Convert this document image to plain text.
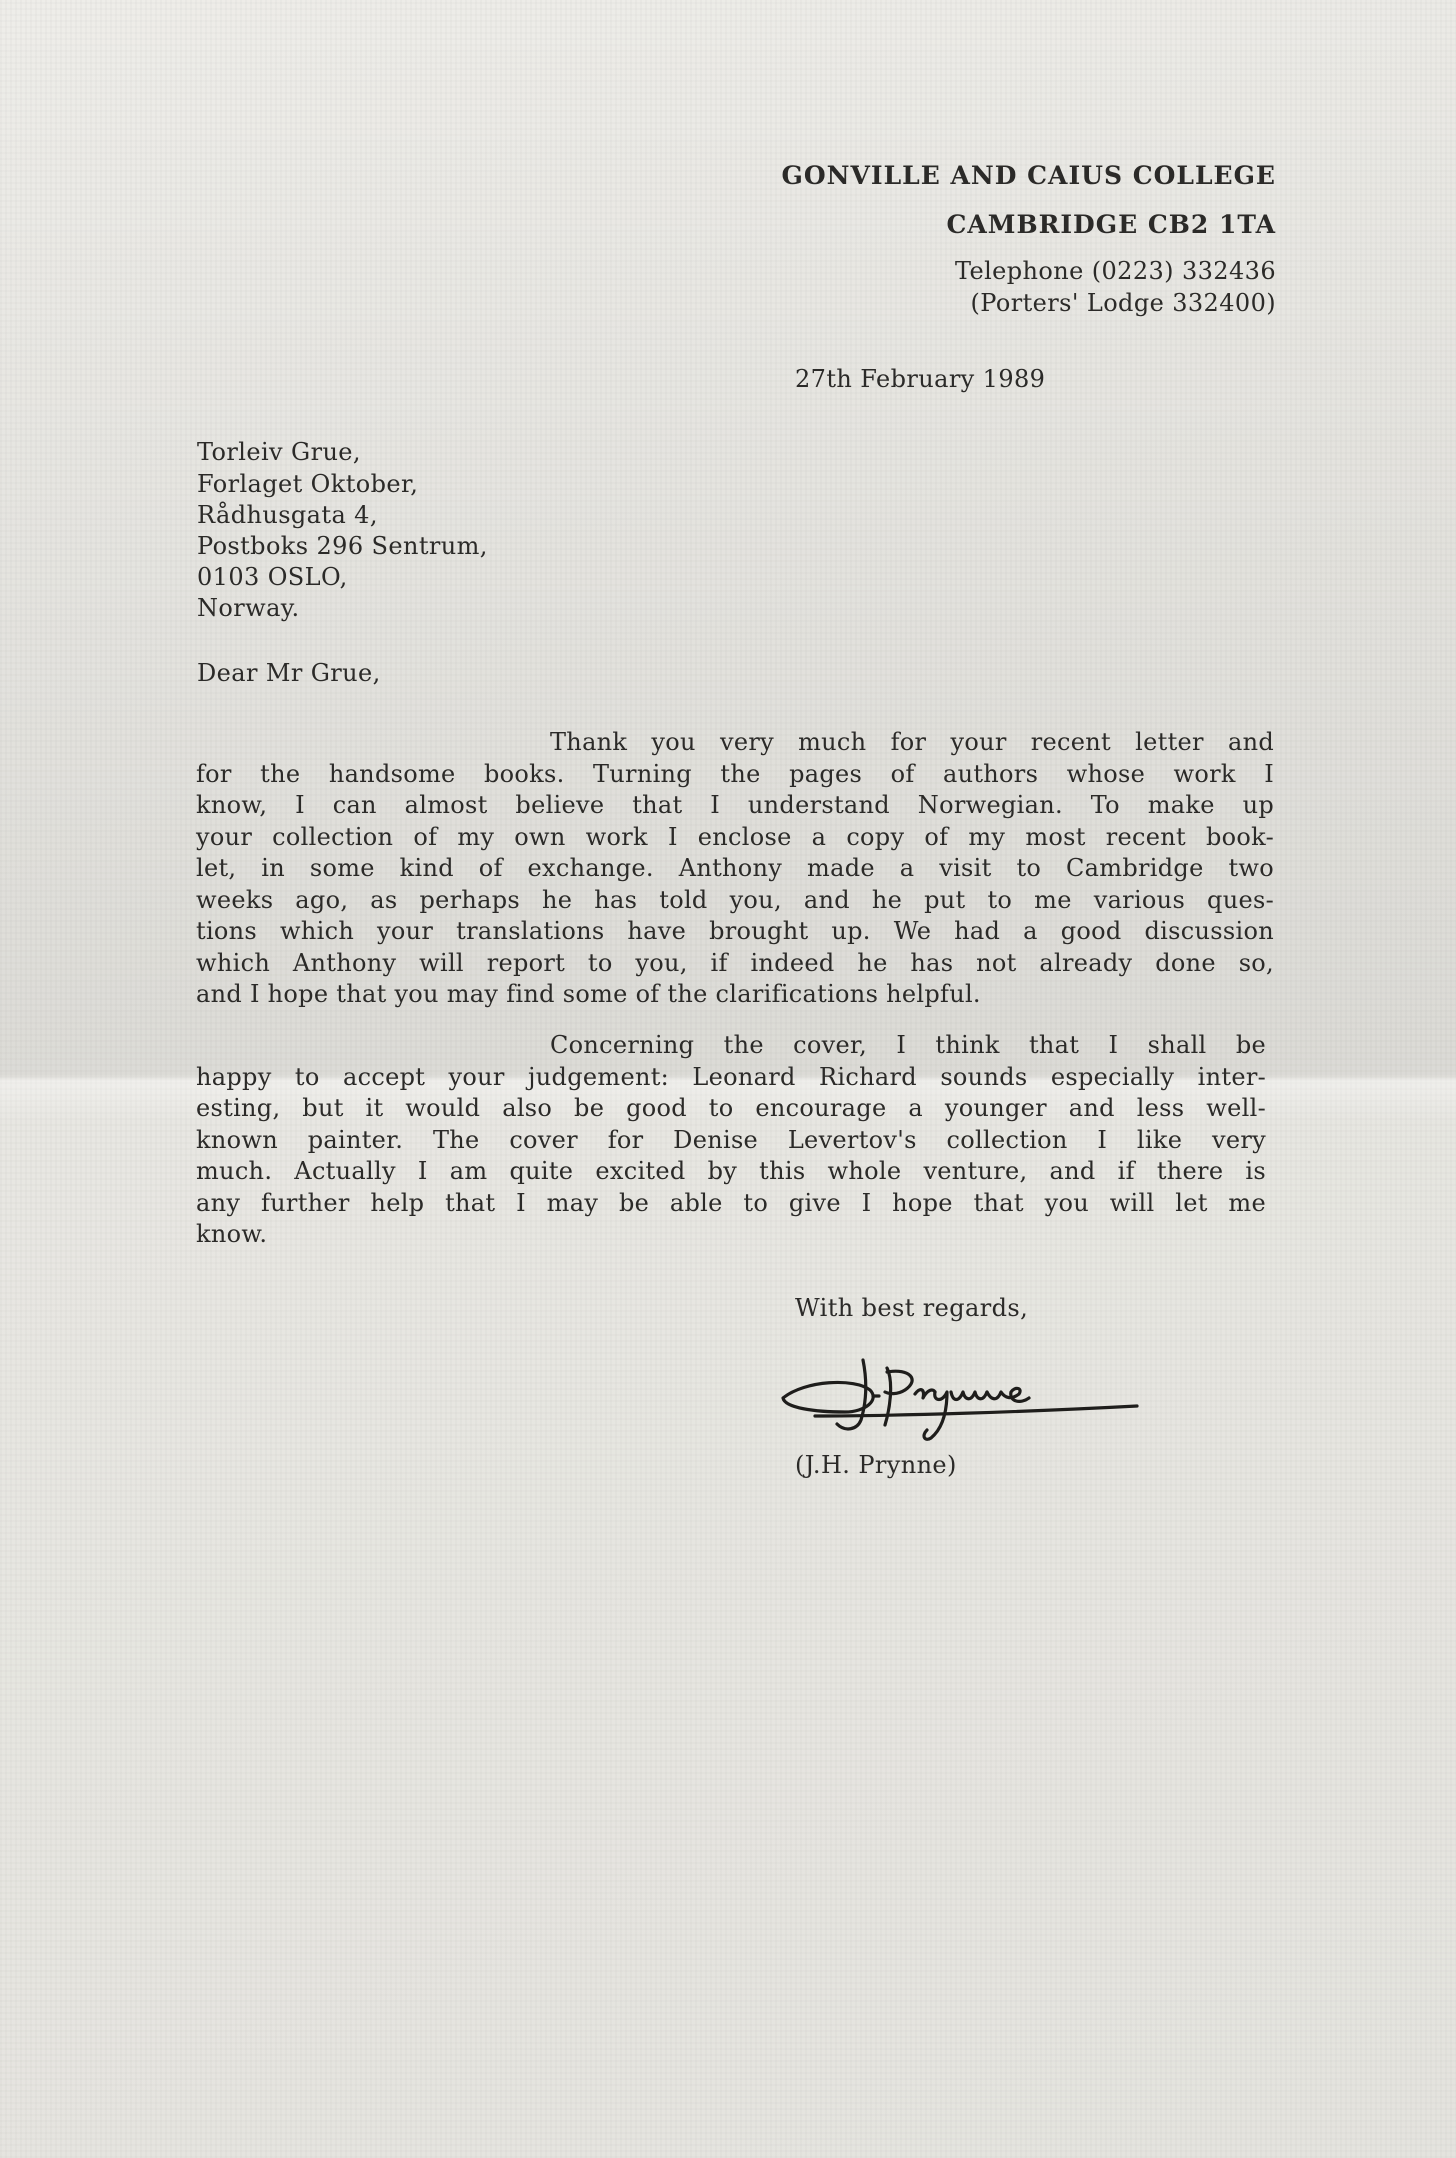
GONVILLE AND CAIUS COLLEGE
CAMBRIDGE CB2 1TA
Telephone (0223) 332436
(Porters' Lodge 332400)
27th February 1989
Torleiv Grue,
Forlaget Oktober,
Rådhusgata 4,
Postboks 296 Sentrum,
0103 OSLO,
Norway.
Dear Mr Grue,
Thank you very much for your recent letter and
for the handsome books. Turning the pages of authors whose work I
know, I can almost believe that I understand Norwegian. To make up
your collection of my own work I enclose a copy of my most recent book-
let, in some kind of exchange. Anthony made a visit to Cambridge two
weeks ago, as perhaps he has told you, and he put to me various ques-
tions which your translations have brought up. We had a good discussion
which Anthony will report to you, if indeed he has not already done so,
and I hope that you may find some of the clarifications helpful.
Concerning the cover, I think that I shall be
happy to accept your judgement: Leonard Richard sounds especially inter-
esting, but it would also be good to encourage a younger and less well-
known painter. The cover for Denise Levertov's collection I like very
much. Actually I am quite excited by this whole venture, and if there is
any further help that I may be able to give I hope that you will let me
know.
With best regards,
(J.H. Prynne)
